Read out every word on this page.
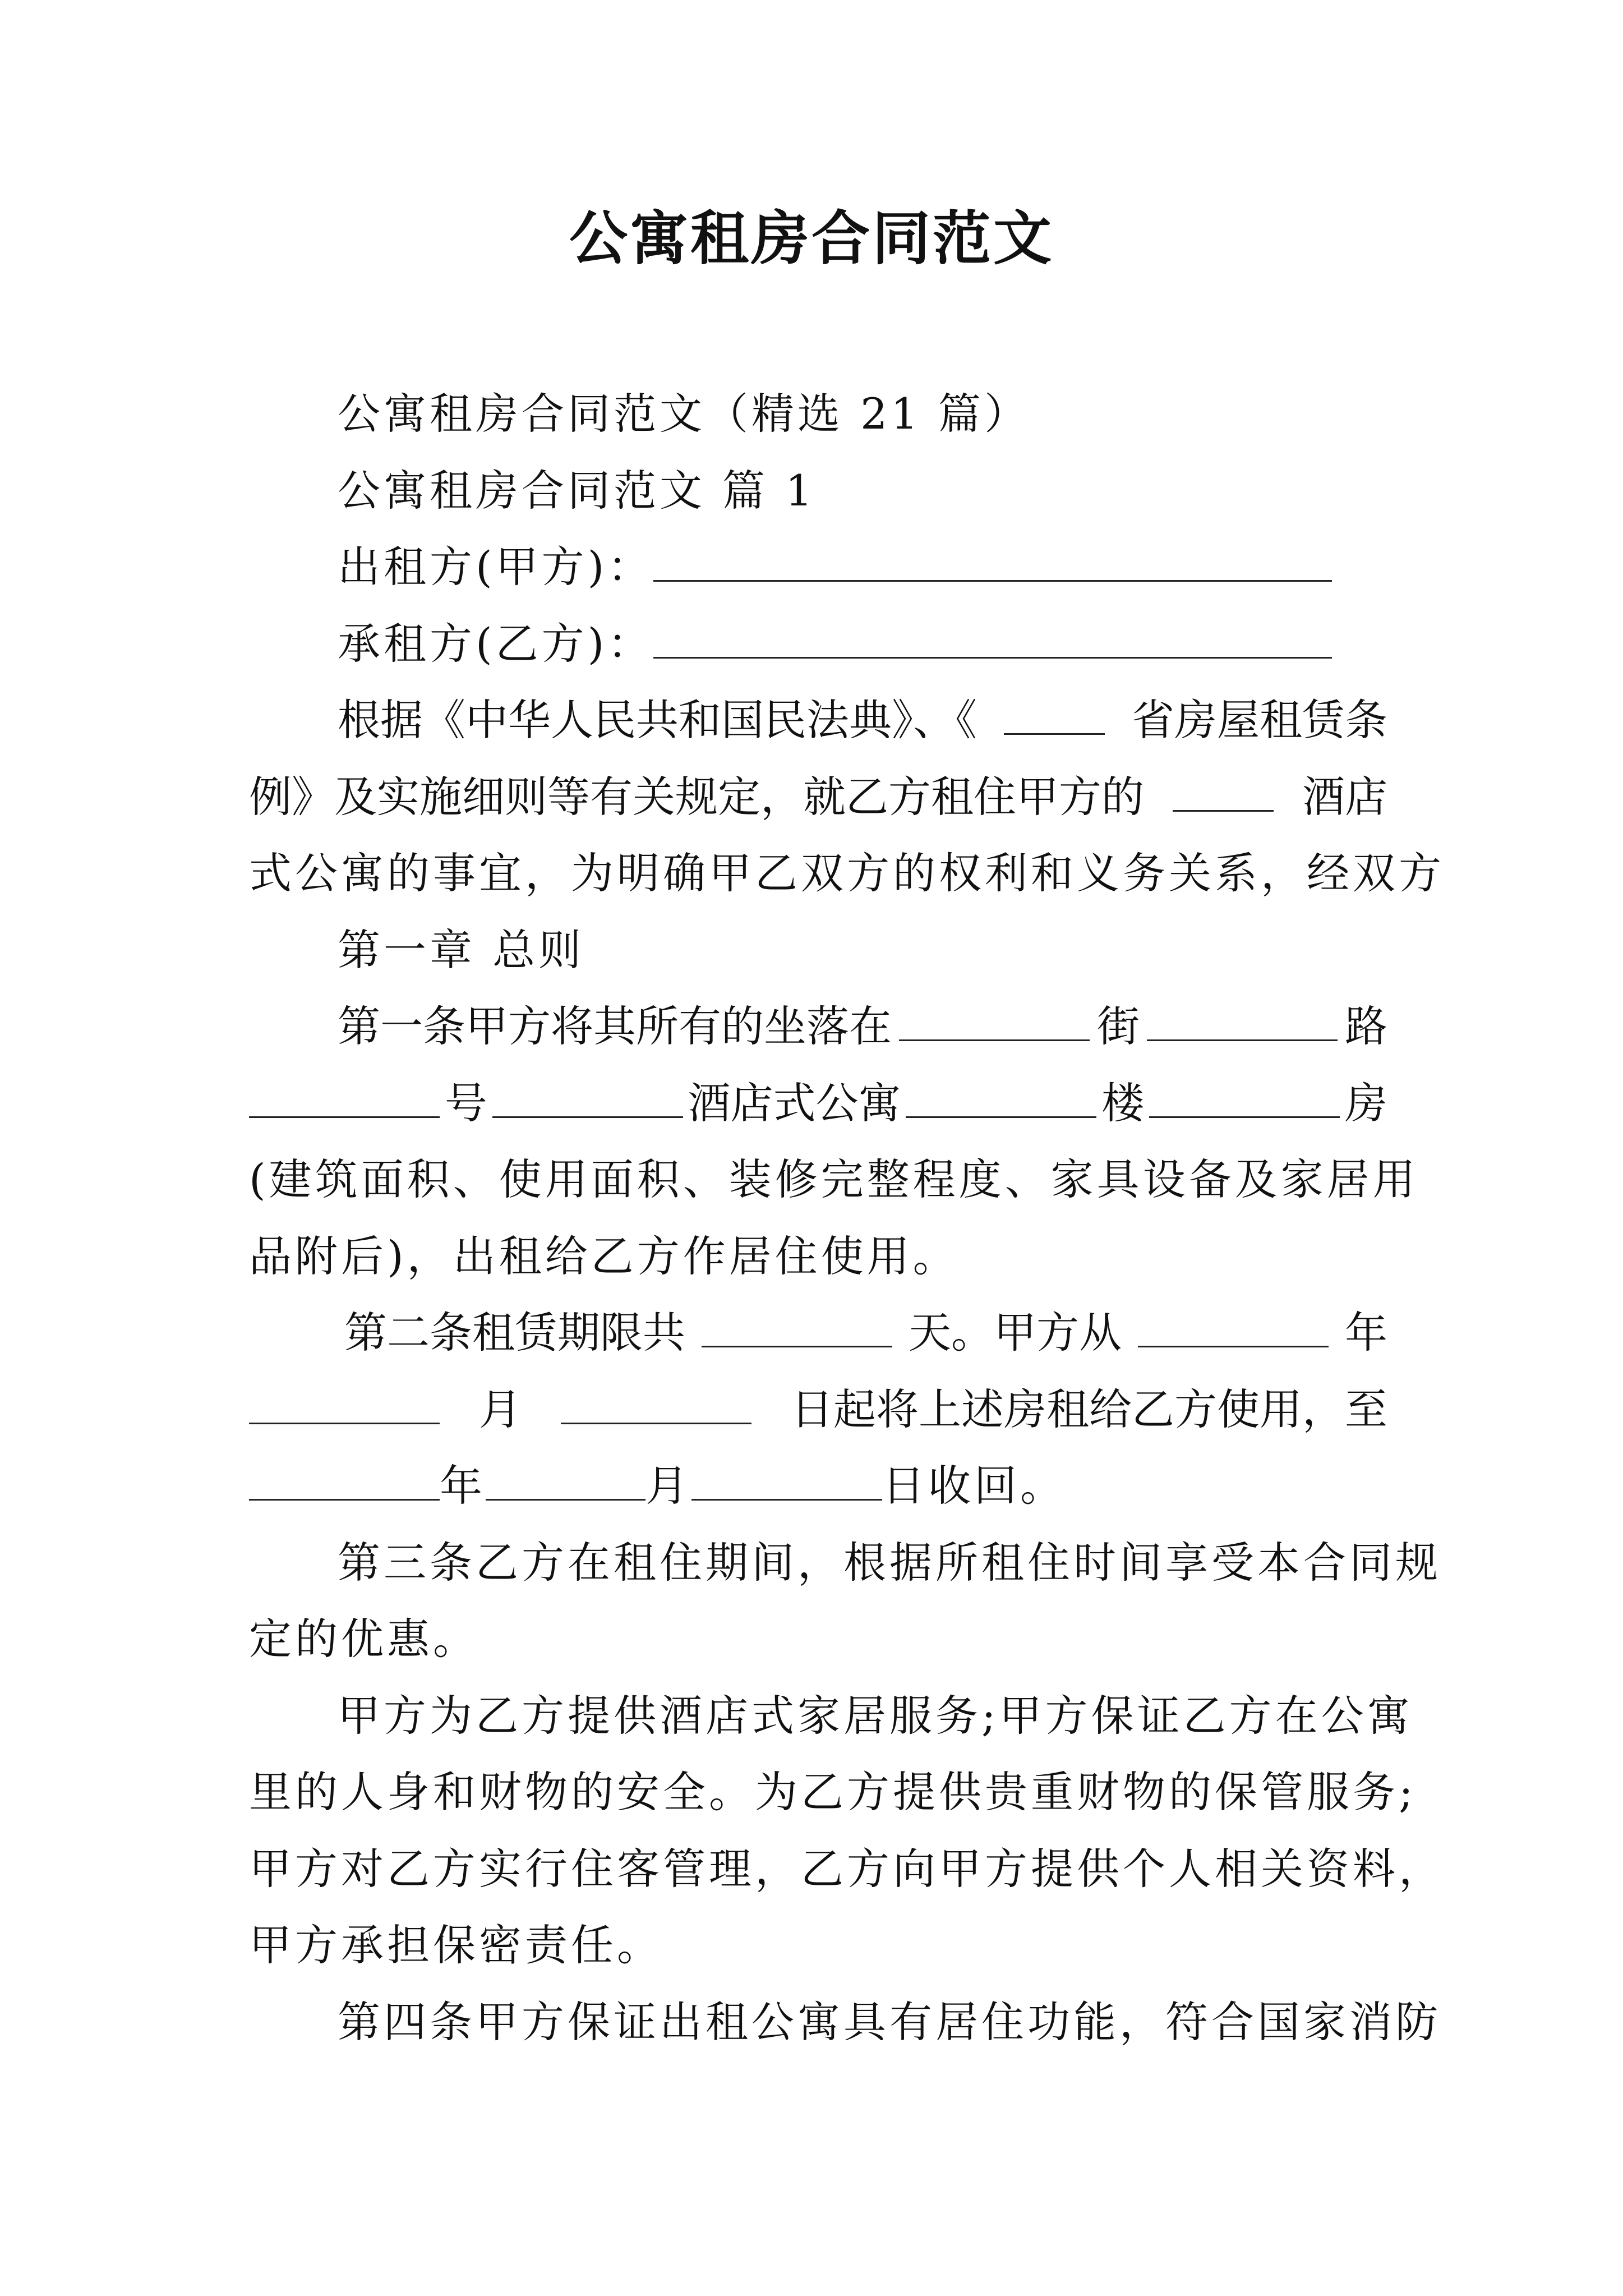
公寓租房合同范文
公寓租房合同范文（精选 21 篇）
公寓租房合同范文 篇 1
出租方(甲方)：
承租方(乙方)：
根据《中华人民共和国民法典》、《	省房屋租赁条
例》及实施细则等有关规定，就乙方租住甲方的	酒店
式公寓的事宜，为明确甲乙双方的权利和义务关系，经双方
第一章 总则
第一条甲方将其所有的坐落在	街	路
号	酒店式公寓	楼	房
(建筑面积、使用面积、装修完整程度、家具设备及家居用
品附后)，出租给乙方作居住使用。
第二条租赁期限共	天。甲方从	年
月	日起将上述房租给乙方使用，至
年	月	日收回。
第三条乙方在租住期间，根据所租住时间享受本合同规
定的优惠。
甲方为乙方提供酒店式家居服务;甲方保证乙方在公寓
里的人身和财物的安全。为乙方提供贵重财物的保管服务;
甲方对乙方实行住客管理，乙方向甲方提供个人相关资料，
甲方承担保密责任。
第四条甲方保证出租公寓具有居住功能，符合国家消防
